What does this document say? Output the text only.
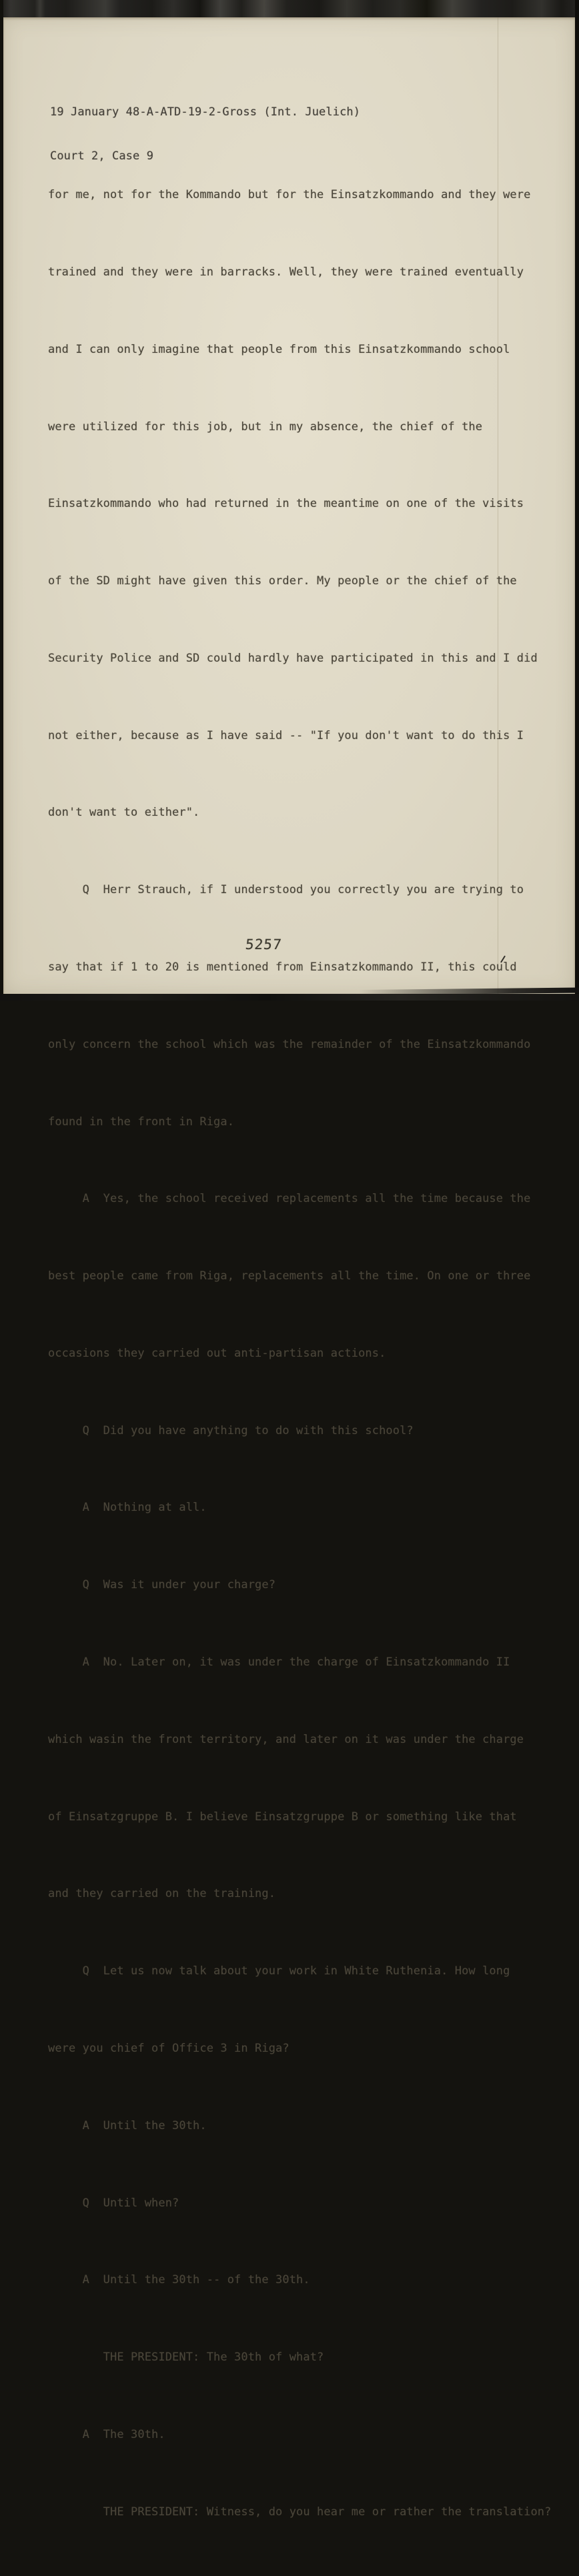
19 January 48-A-ATD-19-2-Gross (Int. Juelich)

Court 2, Case 9

for me, not for the Kommando but for the Einsatzkommando and they were

trained and they were in barracks. Well, they were trained eventually

and I can only imagine that people from this Einsatzkommando school

were utilized for this job, but in my absence, the chief of the

Einsatzkommando who had returned in the meantime on one of the visits

of the SD might have given this order. My people or the chief of the

Security Police and SD could hardly have participated in this and I did

not either, because as I have said -- "If you don't want to do this I

don't want to either".

Q  Herr Strauch, if I understood you correctly you are trying to

say that if 1 to 20 is mentioned from Einsatzkommando II, this could

only concern the school which was the remainder of the Einsatzkommando

found in the front in Riga.

A  Yes, the school received replacements all the time because the

best people came from Riga, replacements all the time. On one or three

occasions they carried out anti-partisan actions.

Q  Did you have anything to do with this school?

A  Nothing at all.

Q  Was it under your charge?

A  No. Later on, it was under the charge of Einsatzkommando II

which wasin the front territory, and later on it was under the charge

of Einsatzgruppe B. I believe Einsatzgruppe B or something like that

and they carried on the training.

Q  Let us now talk about your work in White Ruthenia. How long

were you chief of Office 3 in Riga?

A  Until the 30th.

Q  Until when?

A  Until the 30th -- of the 30th.

THE PRESIDENT: The 30th of what?

A  The 30th.

THE PRESIDENT: Witness, do you hear me or rather the translation?

5257
